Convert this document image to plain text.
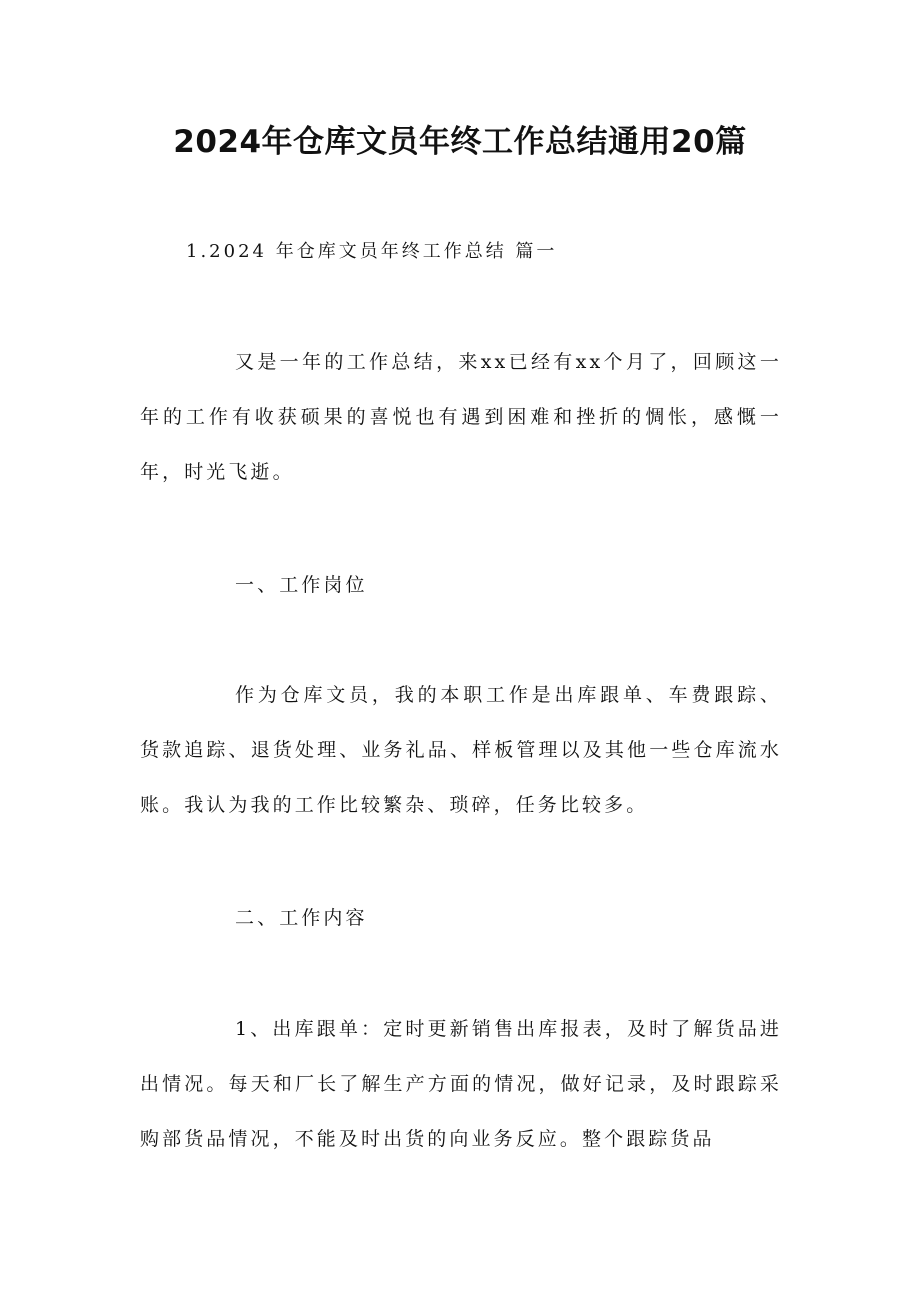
2024年仓库文员年终工作总结通用20篇

1.2024 年仓库文员年终工作总结 篇一

又是一年的工作总结，来xx已经有xx个月了，回顾这一年的工作有收获硕果的喜悦也有遇到困难和挫折的惆怅，感慨一年，时光飞逝。

一、工作岗位

作为仓库文员，我的本职工作是出库跟单、车费跟踪、货款追踪、退货处理、业务礼品、样板管理以及其他一些仓库流水账。我认为我的工作比较繁杂、琐碎，任务比较多。

二、工作内容

1、出库跟单：定时更新销售出库报表，及时了解货品进出情况。每天和厂长了解生产方面的情况，做好记录，及时跟踪采购部货品情况，不能及时出货的向业务反应。整个跟踪货品
